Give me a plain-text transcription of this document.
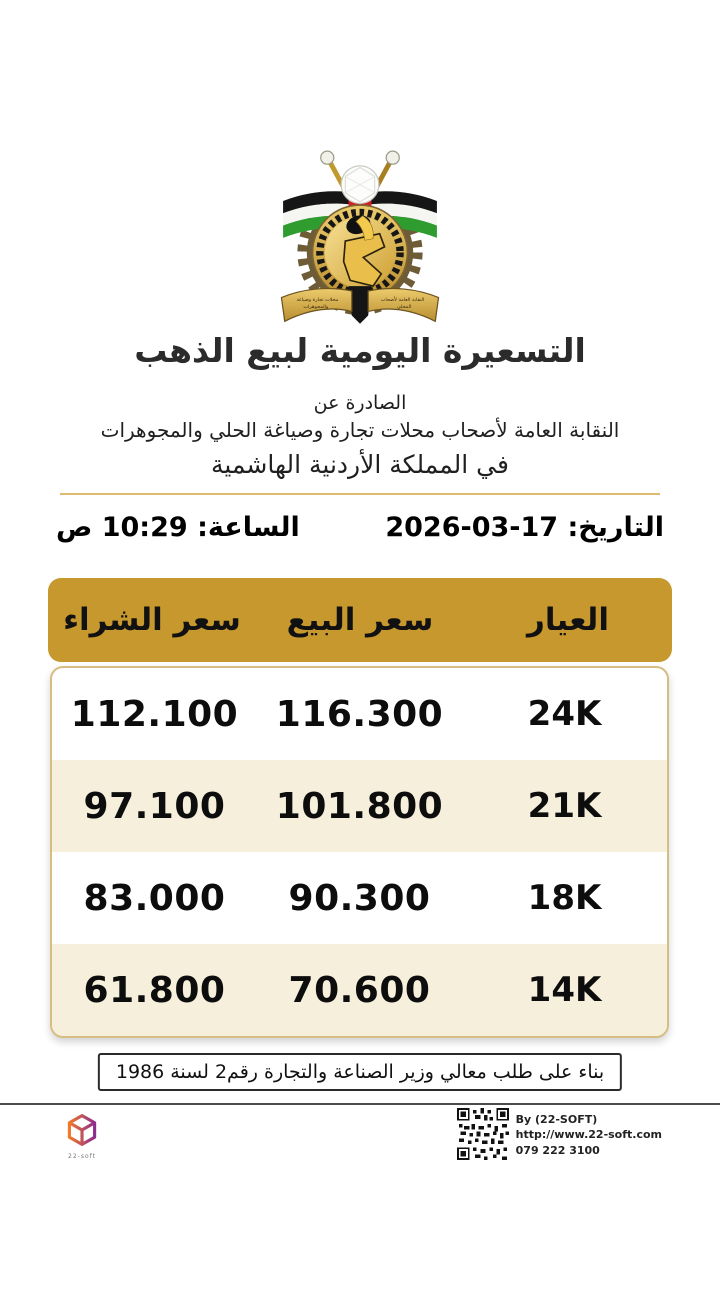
محلات تجارة وصياغة
والمجوهرات
النقابة العامة لأصحاب
المحلي
التسعيرة اليومية لبيع الذهب
الصادرة عن
النقابة العامة لأصحاب محلات تجارة وصياغة الحلي والمجوهرات
في المملكة الأردنية الهاشمية
التاريخ: 17-03-2026
الساعة: 10:29 ص
العيار
سعر البيع
سعر الشراء
24K
116.300
112.100
21K
101.800
97.100
18K
90.300
83.000
14K
70.600
61.800
بناء على طلب معالي وزير الصناعة والتجارة رقم2 لسنة 1986
22-soft
By (22-SOFT)
http://www.22-soft.com
079 222 3100
